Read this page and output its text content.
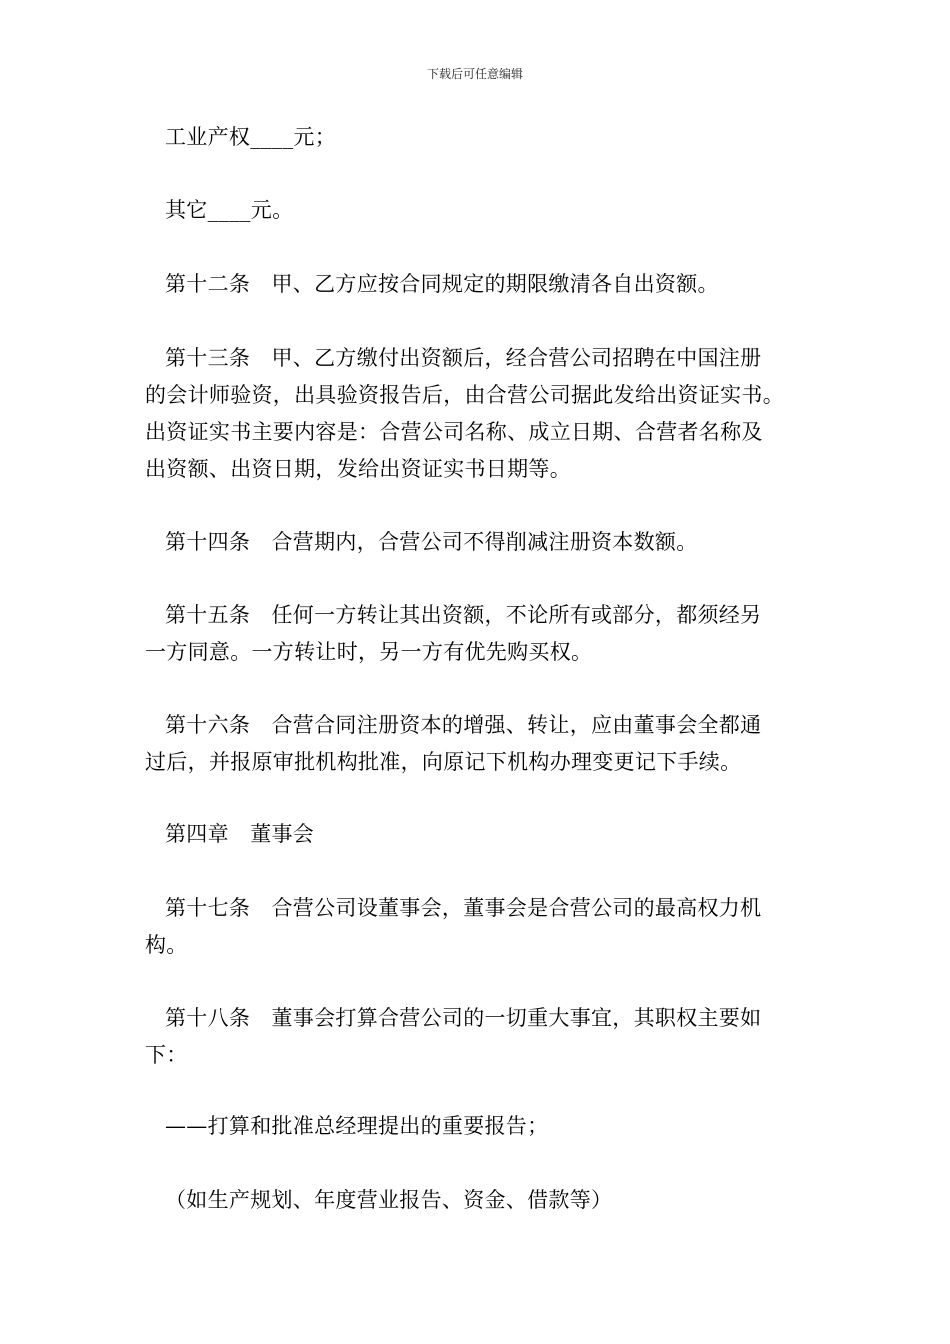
下载后可任意编辑
工业产权____元；
其它____元。
第十二条　甲、乙方应按合同规定的期限缴清各自出资额。
第十三条　甲、乙方缴付出资额后，经合营公司招聘在中国注册
的会计师验资，出具验资报告后，由合营公司据此发给出资证实书。
出资证实书主要内容是：合营公司名称、成立日期、合营者名称及
出资额、出资日期，发给出资证实书日期等。
第十四条　合营期内，合营公司不得削减注册资本数额。
第十五条　任何一方转让其出资额，不论所有或部分，都须经另
一方同意。一方转让时，另一方有优先购买权。
第十六条　合营合同注册资本的增强、转让，应由董事会全都通
过后，并报原审批机构批准，向原记下机构办理变更记下手续。
第四章　董事会
第十七条　合营公司设董事会，董事会是合营公司的最高权力机
构。
第十八条　董事会打算合营公司的一切重大事宜，其职权主要如
下：
——打算和批准总经理提出的重要报告；
（如生产规划、年度营业报告、资金、借款等）
